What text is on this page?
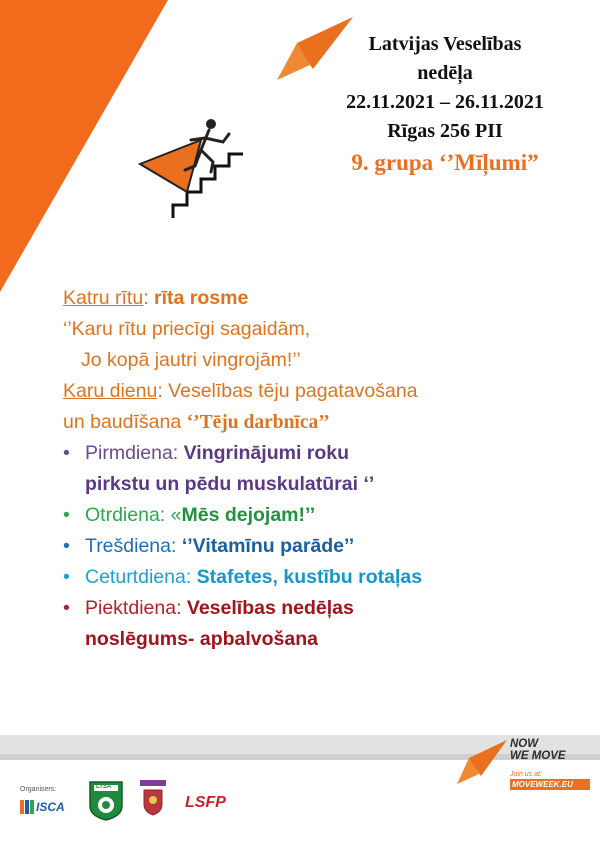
Latvijas Veselības
nedēļa
22.11.2021 – 26.11.2021
Rīgas 256 PII
9. grupa ‘’Mīļumi”
Katru rītu: rīta rosme
‘’Karu rītu priecīgi sagaidām,
Jo kopā jautri vingrojām!’’
Karu dienu: Veselības tēju pagatavošana
un baudīšana ‘’Tēju darbnīca’’
• Pirmdiena: Vingrinājumi roku
pirkstu un pēdu muskulatūrai ‘’
• Otrdiena: «Mēs dejojam!’’
• Trešdiena: ‘’Vitamīnu parāde’’
• Ceturtdiena: Stafetes, kustību rotaļas
• Piektdiena: Veselības nedēļas
noslēgums- apbalvošana
NOW
WE MOVE
Join us at:
MOVEWEEK.EU
Organisers:
ISCA
LTSA
LSFP
